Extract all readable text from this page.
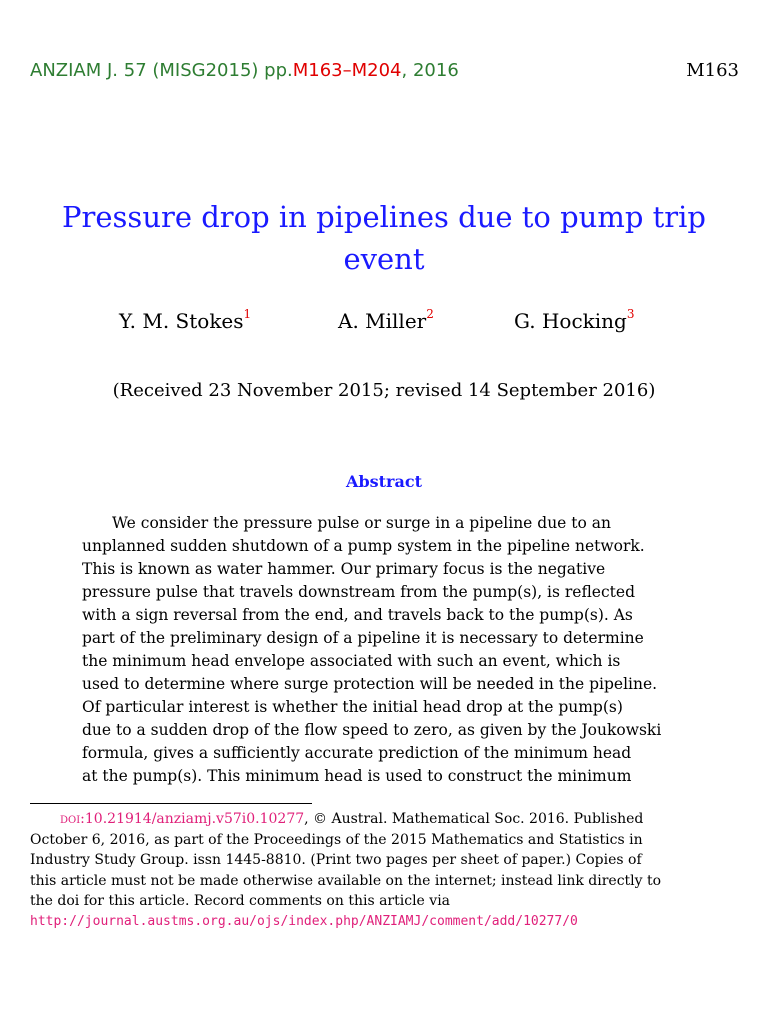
ANZIAM J. 57 (MISG2015) pp.M163–M204, 2016	M163
Pressure drop in pipelines due to pump trip
event
Y. M. Stokes$^1$	A. Miller$^2$	G. Hocking$^3$
(Received 23 November 2015; revised 14 September 2016)
Abstract
We consider the pressure pulse or surge in a pipeline due to an
unplanned sudden shutdown of a pump system in the pipeline network.
This is known as water hammer. Our primary focus is the negative
pressure pulse that travels downstream from the pump(s), is reflected
with a sign reversal from the end, and travels back to the pump(s). As
part of the preliminary design of a pipeline it is necessary to determine
the minimum head envelope associated with such an event, which is
used to determine where surge protection will be needed in the pipeline.
Of particular interest is whether the initial head drop at the pump(s)
due to a sudden drop of the flow speed to zero, as given by the Joukowski
formula, gives a sufficiently accurate prediction of the minimum head
at the pump(s). This minimum head is used to construct the minimum
doi:10.21914/anziamj.v57i0.10277, © Austral. Mathematical Soc. 2016. Published
October 6, 2016, as part of the Proceedings of the 2015 Mathematics and Statistics in
Industry Study Group. issn 1445-8810. (Print two pages per sheet of paper.) Copies of
this article must not be made otherwise available on the internet; instead link directly to
the doi for this article. Record comments on this article via
http://journal.austms.org.au/ojs/index.php/ANZIAMJ/comment/add/10277/0
